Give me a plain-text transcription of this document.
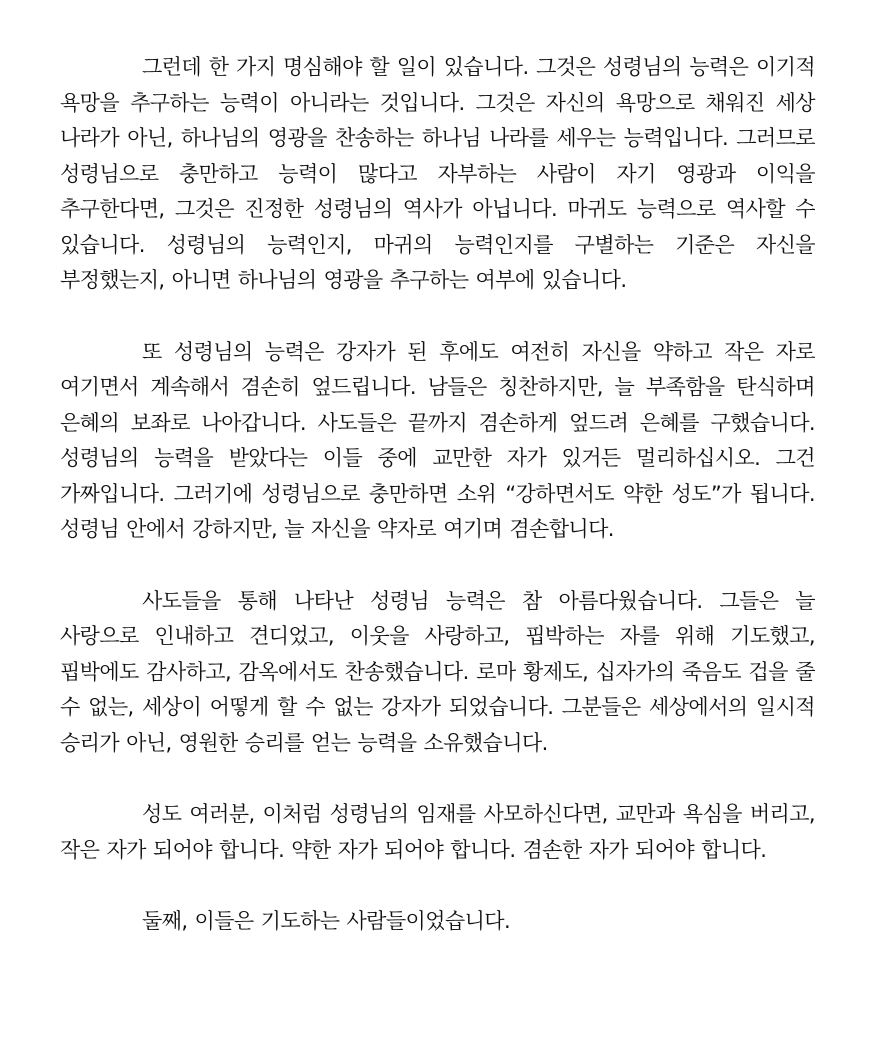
그런데 한 가지 명심해야 할 일이 있습니다. 그것은 성령님의 능력은 이기적 욕망을 추구하는 능력이 아니라는 것입니다. 그것은 자신의 욕망으로 채워진 세상 나라가 아닌, 하나님의 영광을 찬송하는 하나님 나라를 세우는 능력입니다. 그러므로 성령님으로 충만하고 능력이 많다고 자부하는 사람이 자기 영광과 이익을 추구한다면, 그것은 진정한 성령님의 역사가 아닙니다. 마귀도 능력으로 역사할 수 있습니다. 성령님의 능력인지, 마귀의 능력인지를 구별하는 기준은 자신을 부정했는지, 아니면 하나님의 영광을 추구하는 여부에 있습니다.

또 성령님의 능력은 강자가 된 후에도 여전히 자신을 약하고 작은 자로 여기면서 계속해서 겸손히 엎드립니다. 남들은 칭찬하지만, 늘 부족함을 탄식하며 은혜의 보좌로 나아갑니다. 사도들은 끝까지 겸손하게 엎드려 은혜를 구했습니다. 성령님의 능력을 받았다는 이들 중에 교만한 자가 있거든 멀리하십시오. 그건 가짜입니다. 그러기에 성령님으로 충만하면 소위 “강하면서도 약한 성도”가 됩니다. 성령님 안에서 강하지만, 늘 자신을 약자로 여기며 겸손합니다.

사도들을 통해 나타난 성령님 능력은 참 아름다웠습니다. 그들은 늘 사랑으로 인내하고 견디었고, 이웃을 사랑하고, 핍박하는 자를 위해 기도했고, 핍박에도 감사하고, 감옥에서도 찬송했습니다. 로마 황제도, 십자가의 죽음도 겁을 줄 수 없는, 세상이 어떻게 할 수 없는 강자가 되었습니다. 그분들은 세상에서의 일시적 승리가 아닌, 영원한 승리를 얻는 능력을 소유했습니다.

성도 여러분, 이처럼 성령님의 임재를 사모하신다면, 교만과 욕심을 버리고, 작은 자가 되어야 합니다. 약한 자가 되어야 합니다. 겸손한 자가 되어야 합니다.

둘째, 이들은 기도하는 사람들이었습니다.
